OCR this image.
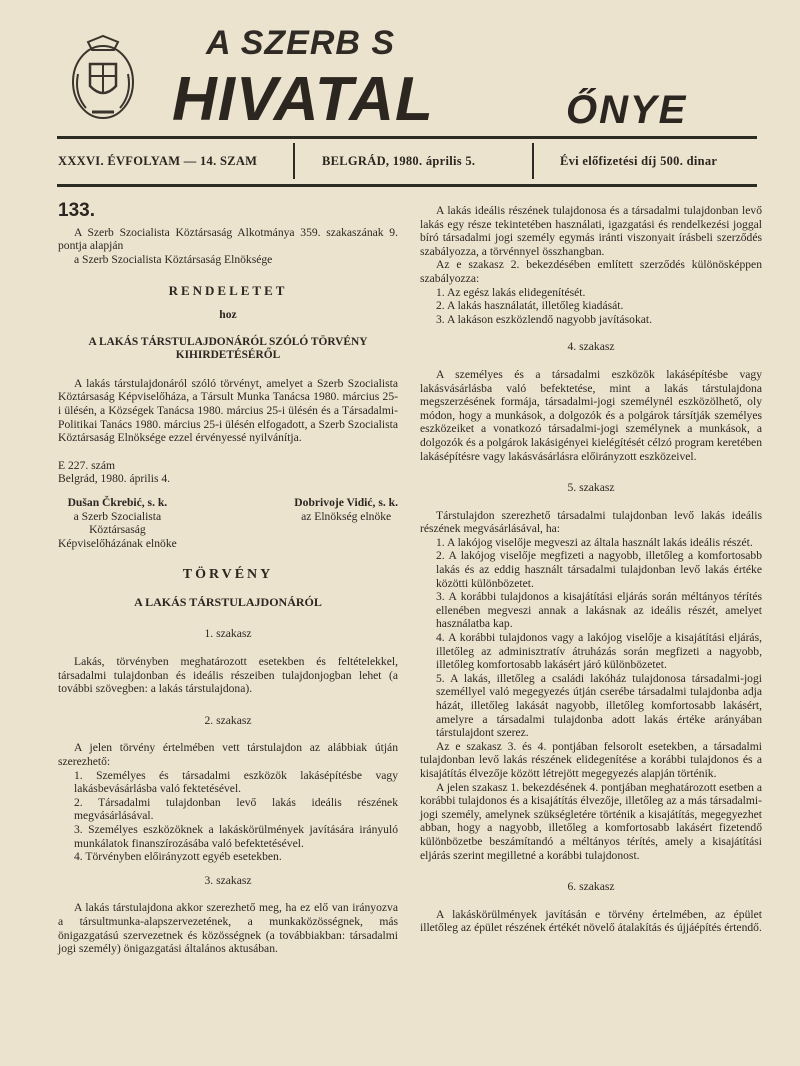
A SZERB S
HIVATAL	ŐNYE
XXXVI. ÉVFOLYAM — 14. SZAM	BELGRÁD, 1980. április 5.	Évi előfizetési díj 500. dinar
133.

A Szerb Szocialista Köztársaság Alkotmánya 359. szakaszának 9. pontja alapján

a Szerb Szocialista Köztársaság Elnöksége

RENDELETET
hoz
A LAKÁS TÁRSTULAJDONÁRÓL SZÓLÓ TÖRVÉNY KIHIRDETÉSÉRŐL

A lakás társtulajdonáról szóló törvényt, amelyet a Szerb Szocialista Köztársaság Képviselőháza, a Társult Munka Tanácsa 1980. március 25-i ülésén, a Községek Tanácsa 1980. március 25-i ülésén és a Társadalmi-Politikai Tanács 1980. március 25-i ülésén elfogadott, a Szerb Szocialista Köztársaság Elnöksége ezzel érvényessé nyilvánítja.

E 227. szám

Belgrád, 1980. április 4.

Dušan Čkrebić, s. k.
a Szerb Szocialista
Köztársaság
Képviselőházának elnöke
Dobrivoje Vidić, s. k.
az Elnökség elnöke
TÖRVÉNY
A LAKÁS TÁRSTULAJDONÁRÓL
1. szakasz

Lakás, törvényben meghatározott esetekben és feltételekkel, társadalmi tulajdonban és ideális részeiben tulajdonjogban lehet (a további szövegben: a lakás társtulajdona).

2. szakasz

A jelen törvény értelmében vett társtulajdon az alábbiak útján szerezhető:

1. Személyes és társadalmi eszközök lakásépítésbe vagy lakásbevásárlásba való fektetésével.

2. Társadalmi tulajdonban levő lakás ideális részének megvásárlásával.

3. Személyes eszközöknek a lakáskörülmények javítására irányuló munkálatok finanszírozásába való befektetésével.

4. Törvényben előirányzott egyéb esetekben.

3. szakasz

A lakás társtulajdona akkor szerezhető meg, ha ez elő van irányozva a társultmunka-alapszervezetének, a munkaközösségnek, más önigazgatású szervezetnek és közösségnek (a továbbiakban: társadalmi jogi személy) önigazgatási általános aktusában.

A lakás ideális részének tulajdonosa és a társadalmi tulajdonban levő lakás egy része tekintetében használati, igazgatási és rendelkezési joggal bíró társadalmi jogi személy egymás iránti viszonyait írásbeli szerződés szabályozza, a törvénnyel összhangban.

Az e szakasz 2. bekezdésében említett szerződés különösképpen szabályozza:

1. Az egész lakás elidegenítését.

2. A lakás használatát, illetőleg kiadását.

3. A lakáson eszközlendő nagyobb javításokat.

4. szakasz

A személyes és a társadalmi eszközök lakásépítésbe vagy lakásvásárlásba való befektetése, mint a lakás társtulajdona megszerzésének formája, társadalmi-jogi személynél eszközölhető, oly módon, hogy a munkások, a dolgozók és a polgárok társítják személyes eszközeiket a vonatkozó társadalmi-jogi személynek a munkások, a dolgozók és a polgárok lakásigényei kielégítését célzó program keretében lakásépítésre vagy lakásvásárlásra előirányzott eszközeivel.

5. szakasz

Társtulajdon szerezhető társadalmi tulajdonban levő lakás ideális részének megvásárlásával, ha:

1. A lakójog viselője megveszi az általa használt lakás ideális részét.

2. A lakójog viselője megfizeti a nagyobb, illetőleg a komfortosabb lakás és az eddig használt társadalmi tulajdonban levő lakás értéke közötti különbözetet.

3. A korábbi tulajdonos a kisajátítási eljárás során méltányos térítés ellenében megveszi annak a lakásnak az ideális részét, amelyet használatba kap.

4. A korábbi tulajdonos vagy a lakójog viselője a kisajátítási eljárás, illetőleg az adminisztratív átruházás során megfizeti a nagyobb, illetőleg komfortosabb lakásért járó különbözetet.

5. A lakás, illetőleg a családi lakóház tulajdonosa társadalmi-jogi személlyel való megegyezés útján cserébe társadalmi tulajdonba adja házát, illetőleg lakását nagyobb, illetőleg komfortosabb lakásért, amelyre a társadalmi tulajdonba adott lakás értéke arányában társtulajdont szerez.

Az e szakasz 3. és 4. pontjában felsorolt esetekben, a társadalmi tulajdonban levő lakás részének elidegenítése a korábbi tulajdonos és a kisajátítás élvezője között létrejött megegyezés alapján történik.

A jelen szakasz 1. bekezdésének 4. pontjában meghatározott esetben a korábbi tulajdonos és a kisajátítás élvezője, illetőleg az a más társadalmi-jogi személy, amelynek szükségletére történik a kisajátítás, megegyezhet abban, hogy a nagyobb, illetőleg a komfortosabb lakásért fizetendő különbözetbe beszámítandó a méltányos térítés, amely a kisajátítási eljárás szerint megilletné a korábbi tulajdonost.

6. szakasz

A lakáskörülmények javításán e törvény értelmében, az épület illetőleg az épület részének értékét növelő átalakítás és újjáépítés értendő.
